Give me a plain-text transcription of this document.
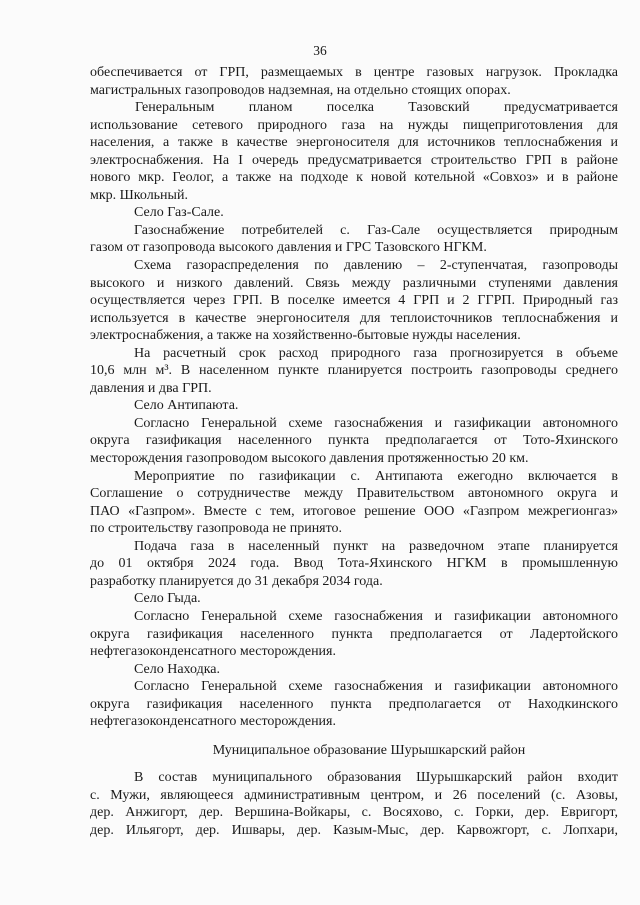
36
обеспечивается от ГРП, размещаемых в центре газовых нагрузок. Прокладка
магистральных газопроводов надземная, на отдельно стоящих опорах.
Генеральным планом поселка Тазовский предусматривается
использование сетевого природного газа на нужды пищеприготовления для
населения, а также в качестве энергоносителя для источников теплоснабжения и
электроснабжения. На I очередь предусматривается строительство ГРП в районе
нового мкр. Геолог, а также на подходе к новой котельной «Совхоз» и в районе
мкр. Школьный.
Село Газ-Сале.
Газоснабжение потребителей с. Газ-Сале осуществляется природным
газом от газопровода высокого давления и ГРС Тазовского НГКМ.
Схема газораспределения по давлению – 2-ступенчатая, газопроводы
высокого и низкого давлений. Связь между различными ступенями давления
осуществляется через ГРП. В поселке имеется 4 ГРП и 2 ГГРП. Природный газ
используется в качестве энергоносителя для теплоисточников теплоснабжения и
электроснабжения, а также на хозяйственно-бытовые нужды населения.
На расчетный срок расход природного газа прогнозируется в объеме
10,6 млн м³. В населенном пункте планируется построить газопроводы среднего
давления и два ГРП.
Село Антипаюта.
Согласно Генеральной схеме газоснабжения и газификации автономного
округа газификация населенного пункта предполагается от Тото-Яхинского
месторождения газопроводом высокого давления протяженностью 20 км.
Мероприятие по газификации с. Антипаюта ежегодно включается в
Соглашение о сотрудничестве между Правительством автономного округа и
ПАО «Газпром». Вместе с тем, итоговое решение ООО «Газпром межрегионгаз»
по строительству газопровода не принято.
Подача газа в населенный пункт на разведочном этапе планируется
до 01 октября 2024 года. Ввод Тота-Яхинского НГКМ в промышленную
разработку планируется до 31 декабря 2034 года.
Село Гыда.
Согласно Генеральной схеме газоснабжения и газификации автономного
округа газификация населенного пункта предполагается от Ладертойского
нефтегазоконденсатного месторождения.
Село Находка.
Согласно Генеральной схеме газоснабжения и газификации автономного
округа газификация населенного пункта предполагается от Находкинского
нефтегазоконденсатного месторождения.
Муниципальное образование Шурышкарский район
В состав муниципального образования Шурышкарский район входит
с. Мужи, являющееся административным центром, и 26 поселений (с. Азовы,
дер. Анжигорт, дер. Вершина-Войкары, с. Восяхово, с. Горки, дер. Евригорт,
дер. Ильягорт, дер. Ишвары, дер. Казым-Мыс, дер. Карвожгорт, с. Лопхари,
